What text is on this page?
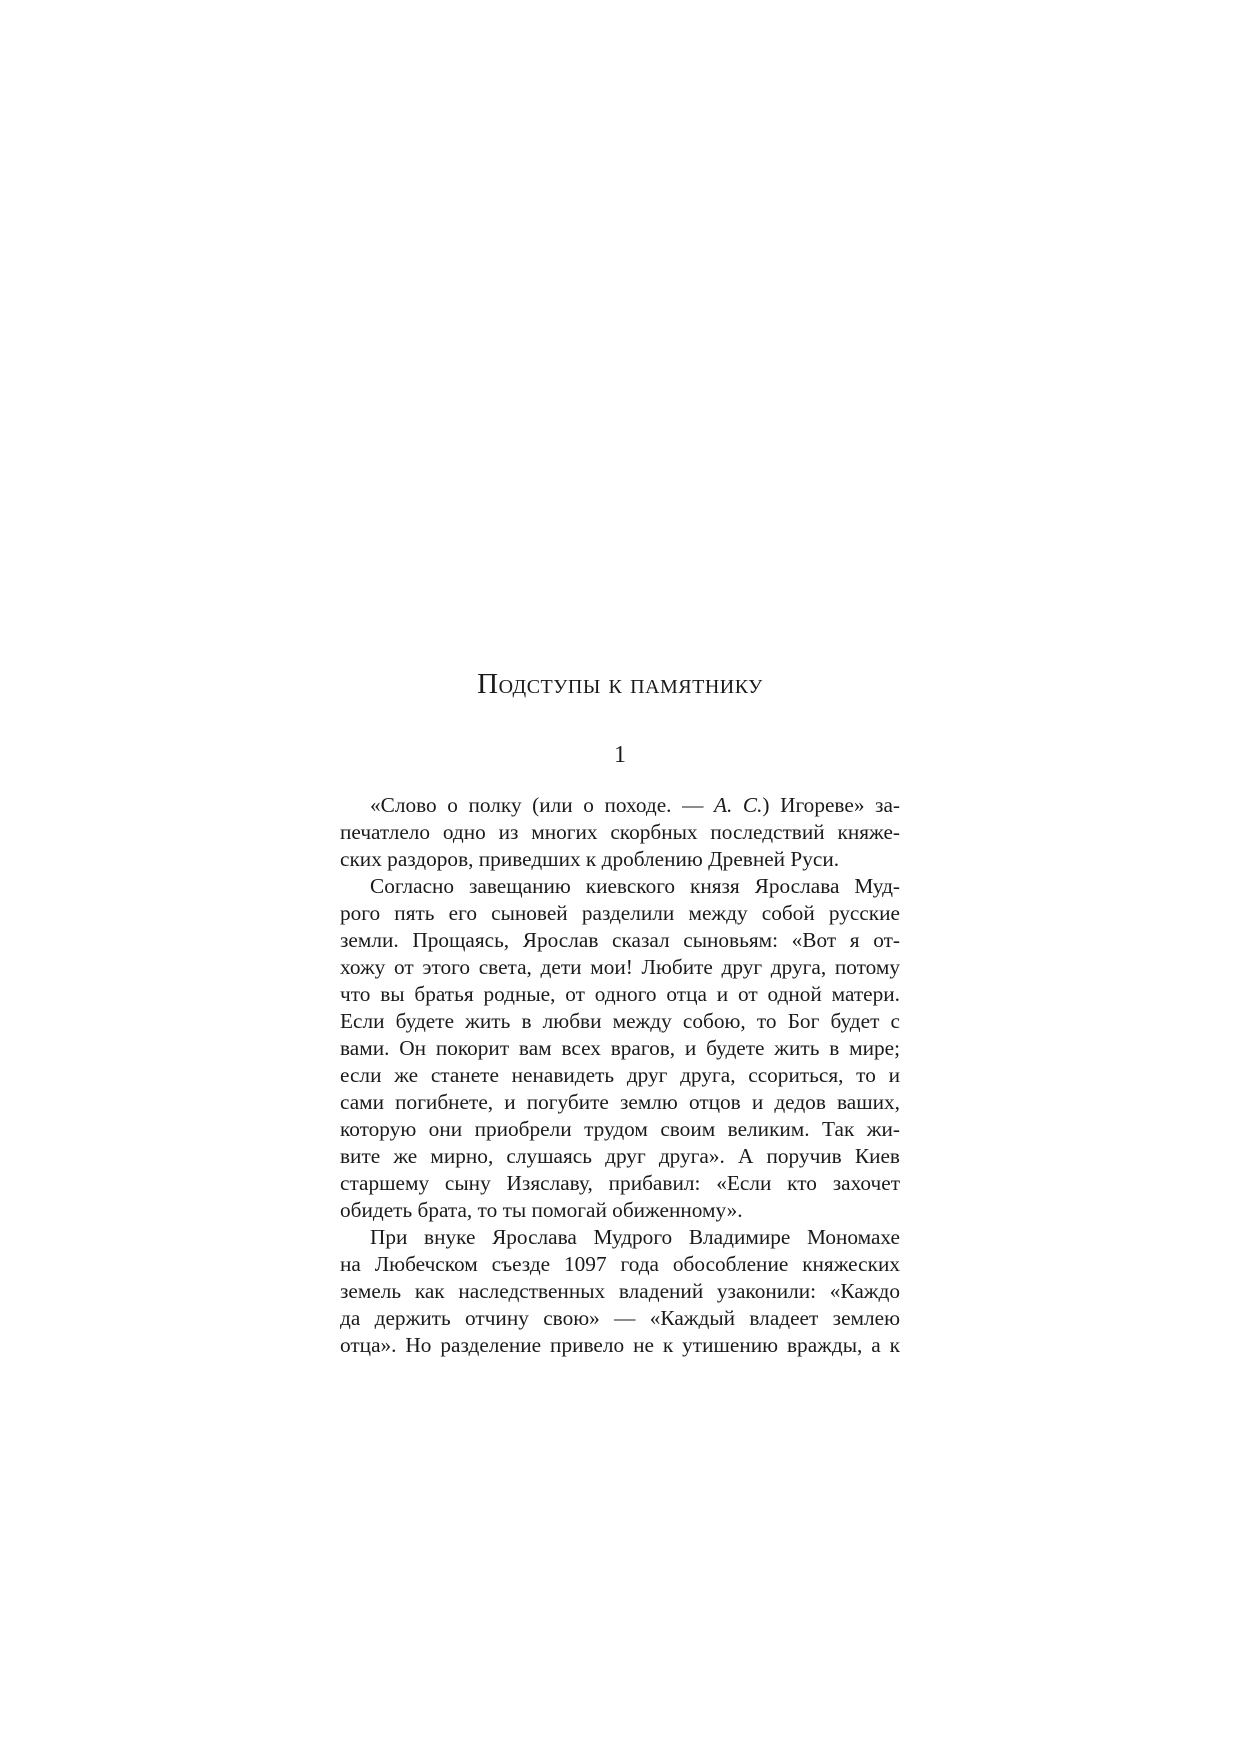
Подступы к памятнику
1
«Слово о полку (или о походе. — А. С.) Игореве» за-
печатлело одно из многих скорбных последствий княже-
ских раздоров, приведших к дроблению Древней Руси.
Согласно завещанию киевского князя Ярослава Муд-
рого пять его сыновей разделили между собой русские
земли. Прощаясь, Ярослав сказал сыновьям: «Вот я от-
хожу от этого света, дети мои! Любите друг друга, потому
что вы братья родные, от одного отца и от одной матери.
Если будете жить в любви между собою, то Бог будет с
вами. Он покорит вам всех врагов, и будете жить в мире;
если же станете ненавидеть друг друга, ссориться, то и
сами погибнете, и погубите землю отцов и дедов ваших,
которую они приобрели трудом своим великим. Так жи-
вите же мирно, слушаясь друг друга». А поручив Киев
старшему сыну Изяславу, прибавил: «Если кто захочет
обидеть брата, то ты помогай обиженному».
При внуке Ярослава Мудрого Владимире Мономахе
на Любечском съезде 1097 года обособление княжеских
земель как наследственных владений узаконили: «Каждо
да держить отчину свою» — «Каждый владеет землею
отца». Но разделение привело не к утишению вражды, а к
